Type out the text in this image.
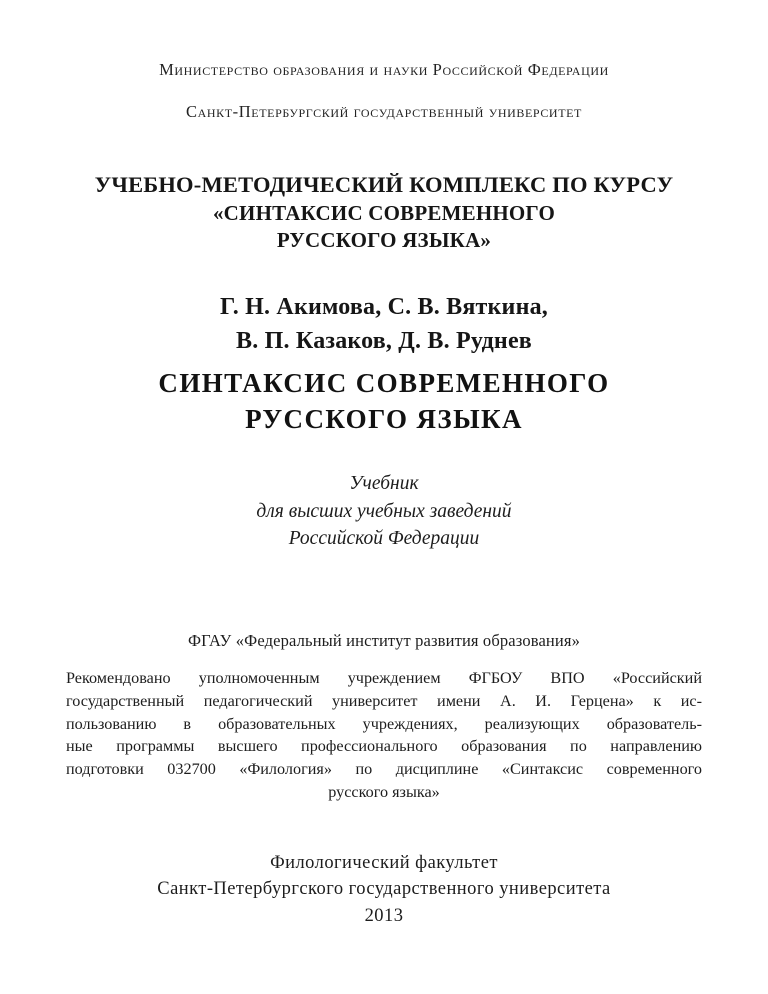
Министерство образования и науки Российской Федерации
Санкт-Петербургский государственный университет
УЧЕБНО-МЕТОДИЧЕСКИЙ КОМПЛЕКС ПО КУРСУ
«СИНТАКСИС СОВРЕМЕННОГО
РУССКОГО ЯЗЫКА»
Г. Н. Акимова, С. В. Вяткина,
В. П. Казаков, Д. В. Руднев
СИНТАКСИС СОВРЕМЕННОГО
РУССКОГО ЯЗЫКА
Учебник
для высших учебных заведений
Российской Федерации
ФГАУ «Федеральный институт развития образования»
Рекомендовано уполномоченным учреждением ФГБОУ ВПО «Российский
государственный педагогический университет имени А. И. Герцена» к ис-
пользованию в образовательных учреждениях, реализующих образователь-
ные программы высшего профессионального образования по направлению
подготовки 032700 «Филология» по дисциплине «Синтаксис современного
русского языка»
Филологический факультет
Санкт-Петербургского государственного университета
2013
